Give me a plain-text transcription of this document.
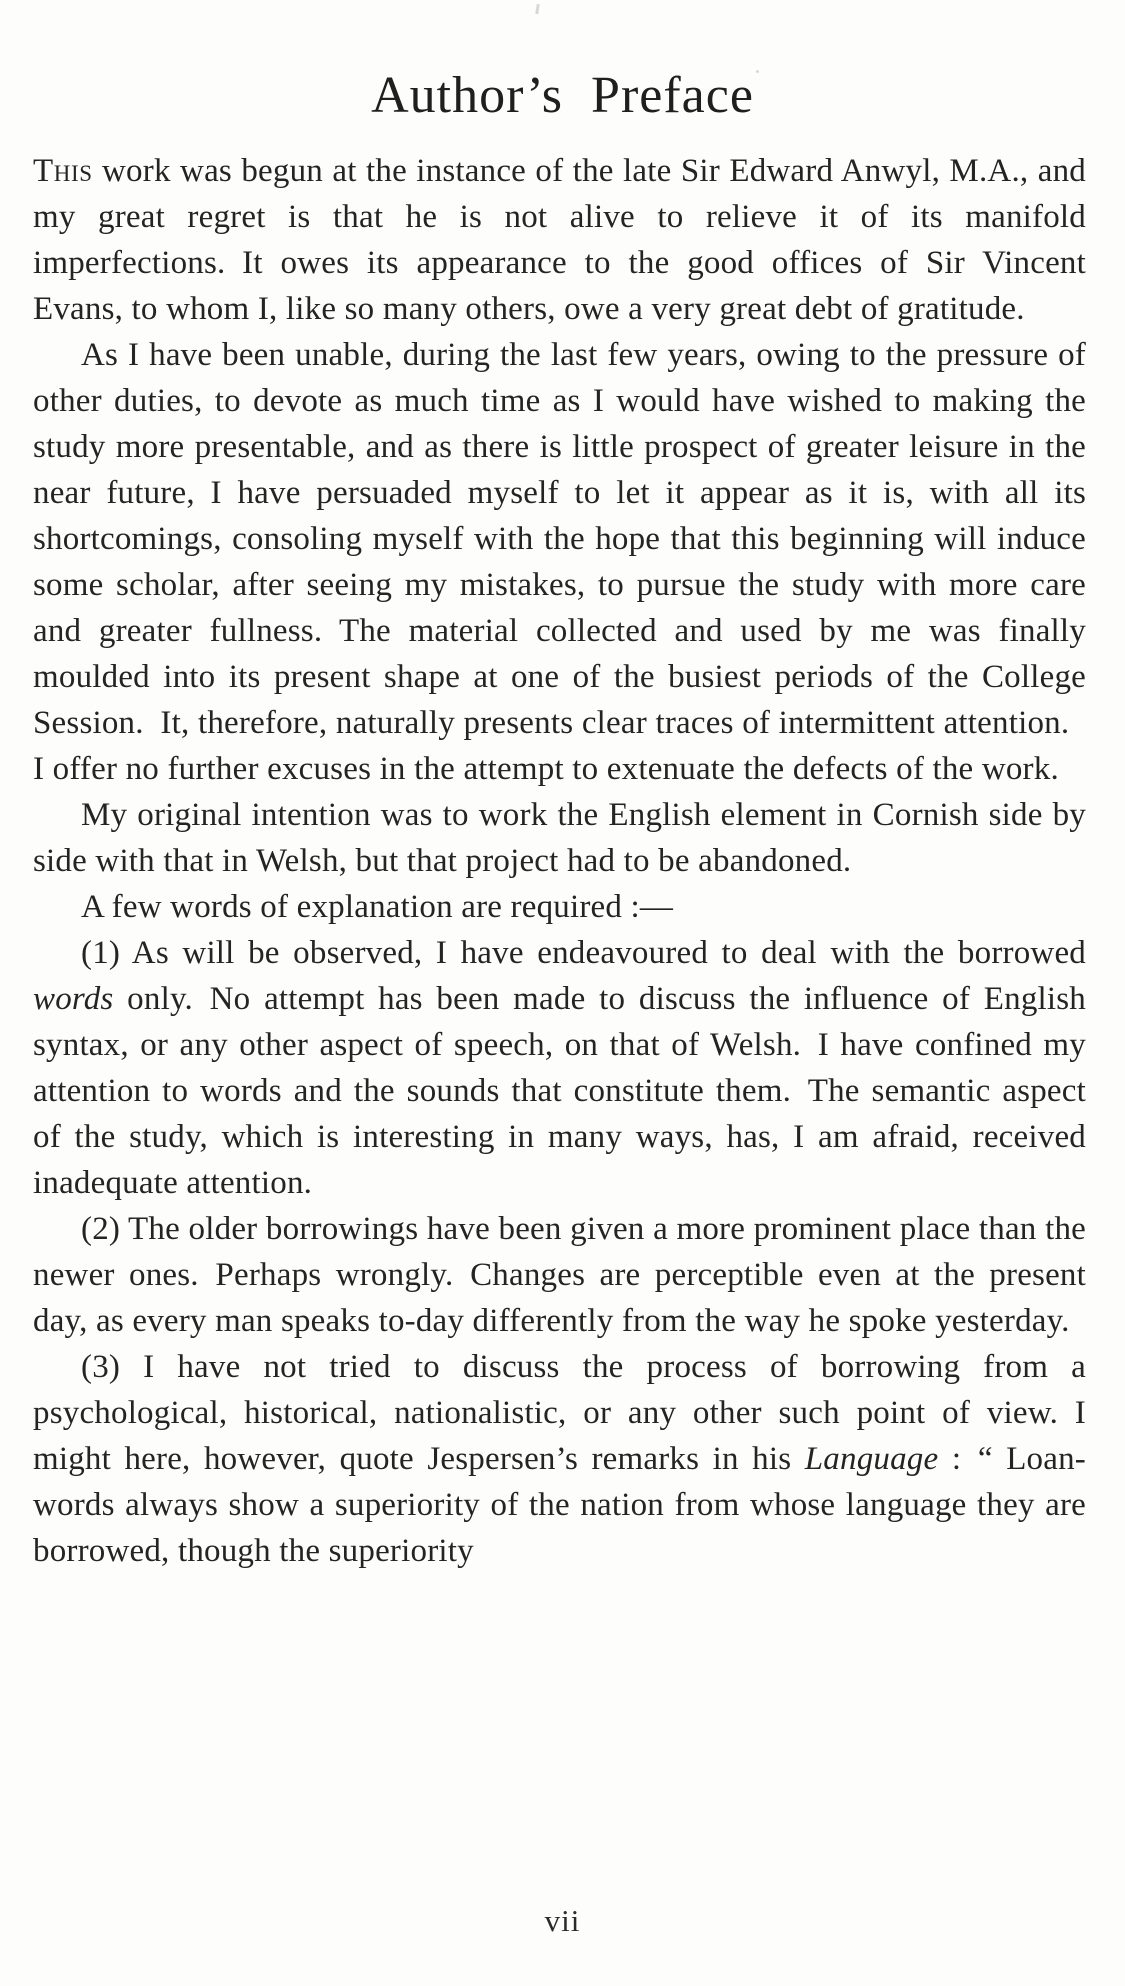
Author’s Preface

This work was begun at the instance of the late Sir Edward Anwyl, M.A., and my great regret is that he is not alive to relieve it of its manifold imperfections. It owes its appearance to the good offices of Sir Vincent Evans, to whom I, like so many others, owe a very great debt of gratitude.

As I have been unable, during the last few years, owing to the pressure of other duties, to devote as much time as I would have wished to making the study more presentable, and as there is little prospect of greater leisure in the near future, I have persuaded myself to let it appear as it is, with all its shortcomings, consoling myself with the hope that this beginning will induce some scholar, after seeing my mistakes, to pursue the study with more care and greater fullness. The material collected and used by me was finally moulded into its present shape at one of the busiest periods of the College Session. It, therefore, naturally presents clear traces of intermittent attention. I offer no further excuses in the attempt to extenuate the defects of the work.

My original intention was to work the English element in Cornish side by side with that in Welsh, but that project had to be abandoned.

A few words of explanation are required :—

(1) As will be observed, I have endeavoured to deal with the borrowed words only. No attempt has been made to discuss the influence of English syntax, or any other aspect of speech, on that of Welsh. I have confined my attention to words and the sounds that constitute them. The semantic aspect of the study, which is interesting in many ways, has, I am afraid, received inadequate attention.

(2) The older borrowings have been given a more prominent place than the newer ones. Perhaps wrongly. Changes are perceptible even at the present day, as every man speaks to-day differently from the way he spoke yesterday.

(3) I have not tried to discuss the process of borrowing from a psychological, historical, nationalistic, or any other such point of view. I might here, however, quote Jespersen’s remarks in his Language : “ Loan-words always show a superiority of the nation from whose language they are borrowed, though the superiority

vii
